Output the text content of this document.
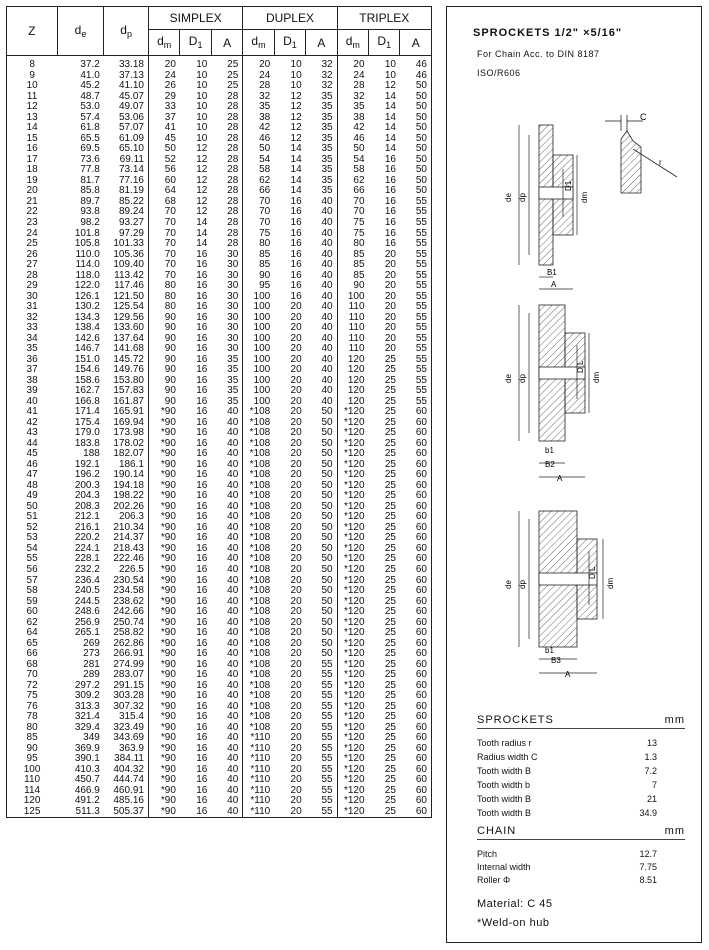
Z	$d_e$	$d_p$	SIMPLEX			DUPLEX			TRIPLEX		
			$d_m$	$D_1$	A	$d_m$	$D_1$	A	$d_m$	$D_1$	A
8	37.2	33.18	20	10	25	20	10	32	20	10	46
9	41.0	37.13	24	10	25	24	10	32	24	10	46
10	45.2	41.10	26	10	25	28	10	32	28	12	50
11	48.7	45.07	29	10	28	32	12	35	32	14	50
12	53.0	49.07	33	10	28	35	12	35	35	14	50
13	57.4	53.06	37	10	28	38	12	35	38	14	50
14	61.8	57.07	41	10	28	42	12	35	42	14	50
15	65.5	61.09	45	10	28	46	12	35	46	14	50
16	69.5	65.10	50	12	28	50	14	35	50	14	50
17	73.6	69.11	52	12	28	54	14	35	54	16	50
18	77.8	73.14	56	12	28	58	14	35	58	16	50
19	81.7	77.16	60	12	28	62	14	35	62	16	50
20	85.8	81.19	64	12	28	66	14	35	66	16	50
21	89.7	85.22	68	12	28	70	16	40	70	16	55
22	93.8	89.24	70	12	28	70	16	40	70	16	55
23	98.2	93.27	70	14	28	70	16	40	75	16	55
24	101.8	97.29	70	14	28	75	16	40	75	16	55
25	105.8	101.33	70	14	28	80	16	40	80	16	55
26	110.0	105.36	70	16	30	85	16	40	85	20	55
27	114.0	109.40	70	16	30	85	16	40	85	20	55
28	118.0	113.42	70	16	30	90	16	40	85	20	55
29	122.0	117.46	80	16	30	95	16	40	90	20	55
30	126.1	121.50	80	16	30	100	16	40	100	20	55
31	130.2	125.54	80	16	30	100	20	40	110	20	55
32	134.3	129.56	90	16	30	100	20	40	110	20	55
33	138.4	133.60	90	16	30	100	20	40	110	20	55
34	142.6	137.64	90	16	30	100	20	40	110	20	55
35	146.7	141.68	90	16	30	100	20	40	110	20	55
36	151.0	145.72	90	16	35	100	20	40	120	25	55
37	154.6	149.76	90	16	35	100	20	40	120	25	55
38	158.6	153.80	90	16	35	100	20	40	120	25	55
39	162.7	157.83	90	16	35	100	20	40	120	25	55
40	166.8	161.87	90	16	35	100	20	40	120	25	55
41	171.4	165.91	*90	16	40	*108	20	50	*120	25	60
42	175.4	169.94	*90	16	40	*108	20	50	*120	25	60
43	179.0	173.98	*90	16	40	*108	20	50	*120	25	60
44	183.8	178.02	*90	16	40	*108	20	50	*120	25	60
45	188	182.07	*90	16	40	*108	20	50	*120	25	60
46	192.1	186.1	*90	16	40	*108	20	50	*120	25	60
47	196.2	190.14	*90	16	40	*108	20	50	*120	25	60
48	200.3	194.18	*90	16	40	*108	20	50	*120	25	60
49	204.3	198.22	*90	16	40	*108	20	50	*120	25	60
50	208.3	202.26	*90	16	40	*108	20	50	*120	25	60
51	212.1	206.3	*90	16	40	*108	20	50	*120	25	60
52	216.1	210.34	*90	16	40	*108	20	50	*120	25	60
53	220.2	214.37	*90	16	40	*108	20	50	*120	25	60
54	224.1	218.43	*90	16	40	*108	20	50	*120	25	60
55	228.1	222.46	*90	16	40	*108	20	50	*120	25	60
56	232.2	226.5	*90	16	40	*108	20	50	*120	25	60
57	236.4	230.54	*90	16	40	*108	20	50	*120	25	60
58	240.5	234.58	*90	16	40	*108	20	50	*120	25	60
59	244.5	238.62	*90	16	40	*108	20	50	*120	25	60
60	248.6	242.66	*90	16	40	*108	20	50	*120	25	60
62	256.9	250.74	*90	16	40	*108	20	50	*120	25	60
64	265.1	258.82	*90	16	40	*108	20	50	*120	25	60
65	269	262.86	*90	16	40	*108	20	50	*120	25	60
66	273	266.91	*90	16	40	*108	20	50	*120	25	60
68	281	274.99	*90	16	40	*108	20	55	*120	25	60
70	289	283.07	*90	16	40	*108	20	55	*120	25	60
72	297.2	291.15	*90	16	40	*108	20	55	*120	25	60
75	309.2	303.28	*90	16	40	*108	20	55	*120	25	60
76	313.3	307.32	*90	16	40	*108	20	55	*120	25	60
78	321.4	315.4	*90	16	40	*108	20	55	*120	25	60
80	329.4	323.49	*90	16	40	*108	20	55	*120	25	60
85	349	343.69	*90	16	40	*110	20	55	*120	25	60
90	369.9	363.9	*90	16	40	*110	20	55	*120	25	60
95	390.1	384.11	*90	16	40	*110	20	55	*120	25	60
100	410.3	404.32	*90	16	40	*110	20	55	*120	25	60
110	450.7	444.74	*90	16	40	*110	20	55	*120	25	60
114	466.9	460.91	*90	16	40	*110	20	55	*120	25	60
120	491.2	485.16	*90	16	40	*110	20	55	*120	25	60
125	511.3	505.37	*90	16	40	*110	20	55	*120	25	60
SPROCKETS 1/2" ×5/16"
For Chain Acc. to DIN 8187
ISO/R606
C
r
de dp	dm
D1
B1
A
de dp	dm
D L
b1
B2
A
de dp	dm
D L
b1
B3
A
SPROCKETS	mm
Tooth radius r	13
Radius width C	1.3
Tooth width B	7.2
Tooth width b	7
Tooth width B	21
Tooth width B	34.9
CHAIN	mm
Pitch	12.7
Internal width	7.75
Roller Φ	8.51
Material: C 45
*Weld-on hub
